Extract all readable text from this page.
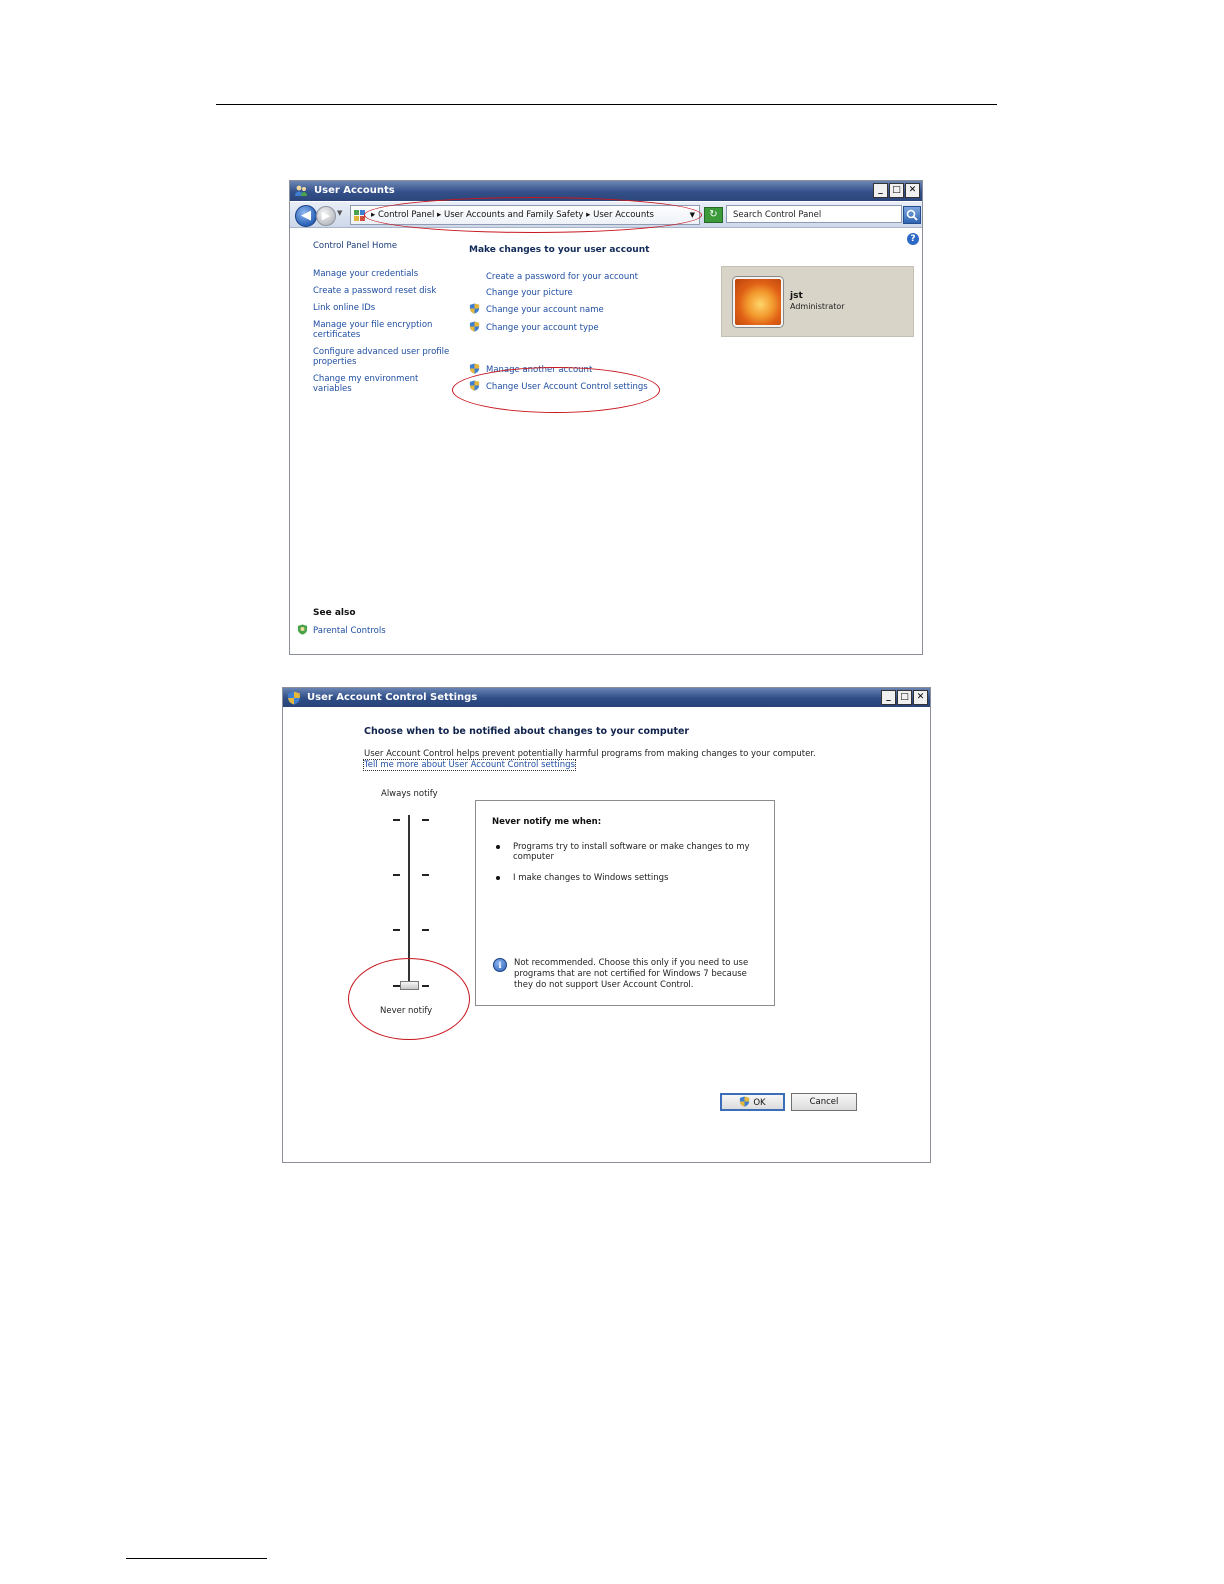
User Accounts	_	□ ✕
◀ ▶ ▼	▸ Control Panel ▸ User Accounts and Family Safety ▸ User Accounts	▼	↻	Search Control Panel
?
Control Panel Home
Manage your credentials
Create a password reset disk
Link online IDs
Manage your file encryption certificates
Configure advanced user profile properties
Change my environment variables
Make changes to your user account
Create a password for your account
Change your picture
Change your account name
Change your account type
Manage another account
Change User Account Control settings
jst
Administrator
See also
Parental Controls
User Account Control Settings	_	□ ✕
Choose when to be notified about changes to your computer
User Account Control helps prevent potentially harmful programs from making changes to your computer.
Tell me more about User Account Control settings
Always notify
Never notify
Never notify me when:
Programs try to install software or make changes to my computer
I make changes to Windows settings
i	Not recommended. Choose this only if you need to use programs that are not certified for Windows 7 because they do not support User Account Control.
OK	Cancel
